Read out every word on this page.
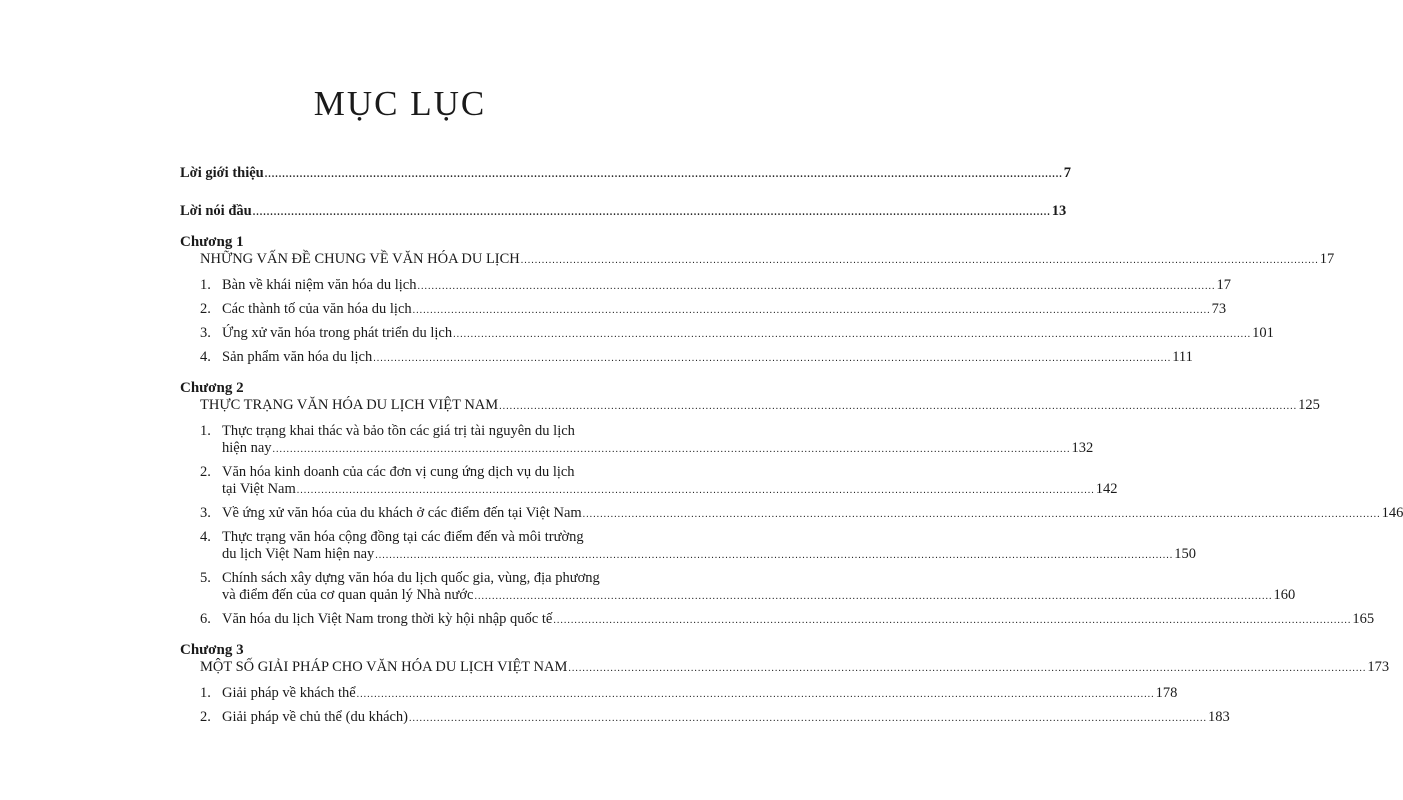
MỤC LỤC
Lời giới thiệu .....	7
Lời nói đầu .....	13
Chương 1
NHỮNG VẤN ĐỀ CHUNG VỀ VĂN HÓA DU LỊCH .....	17
1. Bàn về khái niệm văn hóa du lịch .....	17
2. Các thành tố của văn hóa du lịch .....	73
3. Ứng xử văn hóa trong phát triển du lịch .....	101
4. Sản phẩm văn hóa du lịch .....	111
Chương 2
THỰC TRẠNG VĂN HÓA DU LỊCH VIỆT NAM .....	125
1. Thực trạng khai thác và bảo tồn các giá trị tài nguyên du lịch
hiện nay .....	132
2. Văn hóa kinh doanh của các đơn vị cung ứng dịch vụ du lịch
tại Việt Nam .....	142
3. Về ứng xử văn hóa của du khách ở các điểm đến tại Việt Nam .....	146
4. Thực trạng văn hóa cộng đồng tại các điểm đến và môi trường
du lịch Việt Nam hiện nay .....	150
5. Chính sách xây dựng văn hóa du lịch quốc gia, vùng, địa phương
và điểm đến của cơ quan quản lý Nhà nước .....	160
6. Văn hóa du lịch Việt Nam trong thời kỳ hội nhập quốc tế .....	165
Chương 3
MỘT SỐ GIẢI PHÁP CHO VĂN HÓA DU LỊCH VIỆT NAM .....	173
1. Giải pháp về khách thể .....	178
2. Giải pháp về chủ thể (du khách) .....	183
